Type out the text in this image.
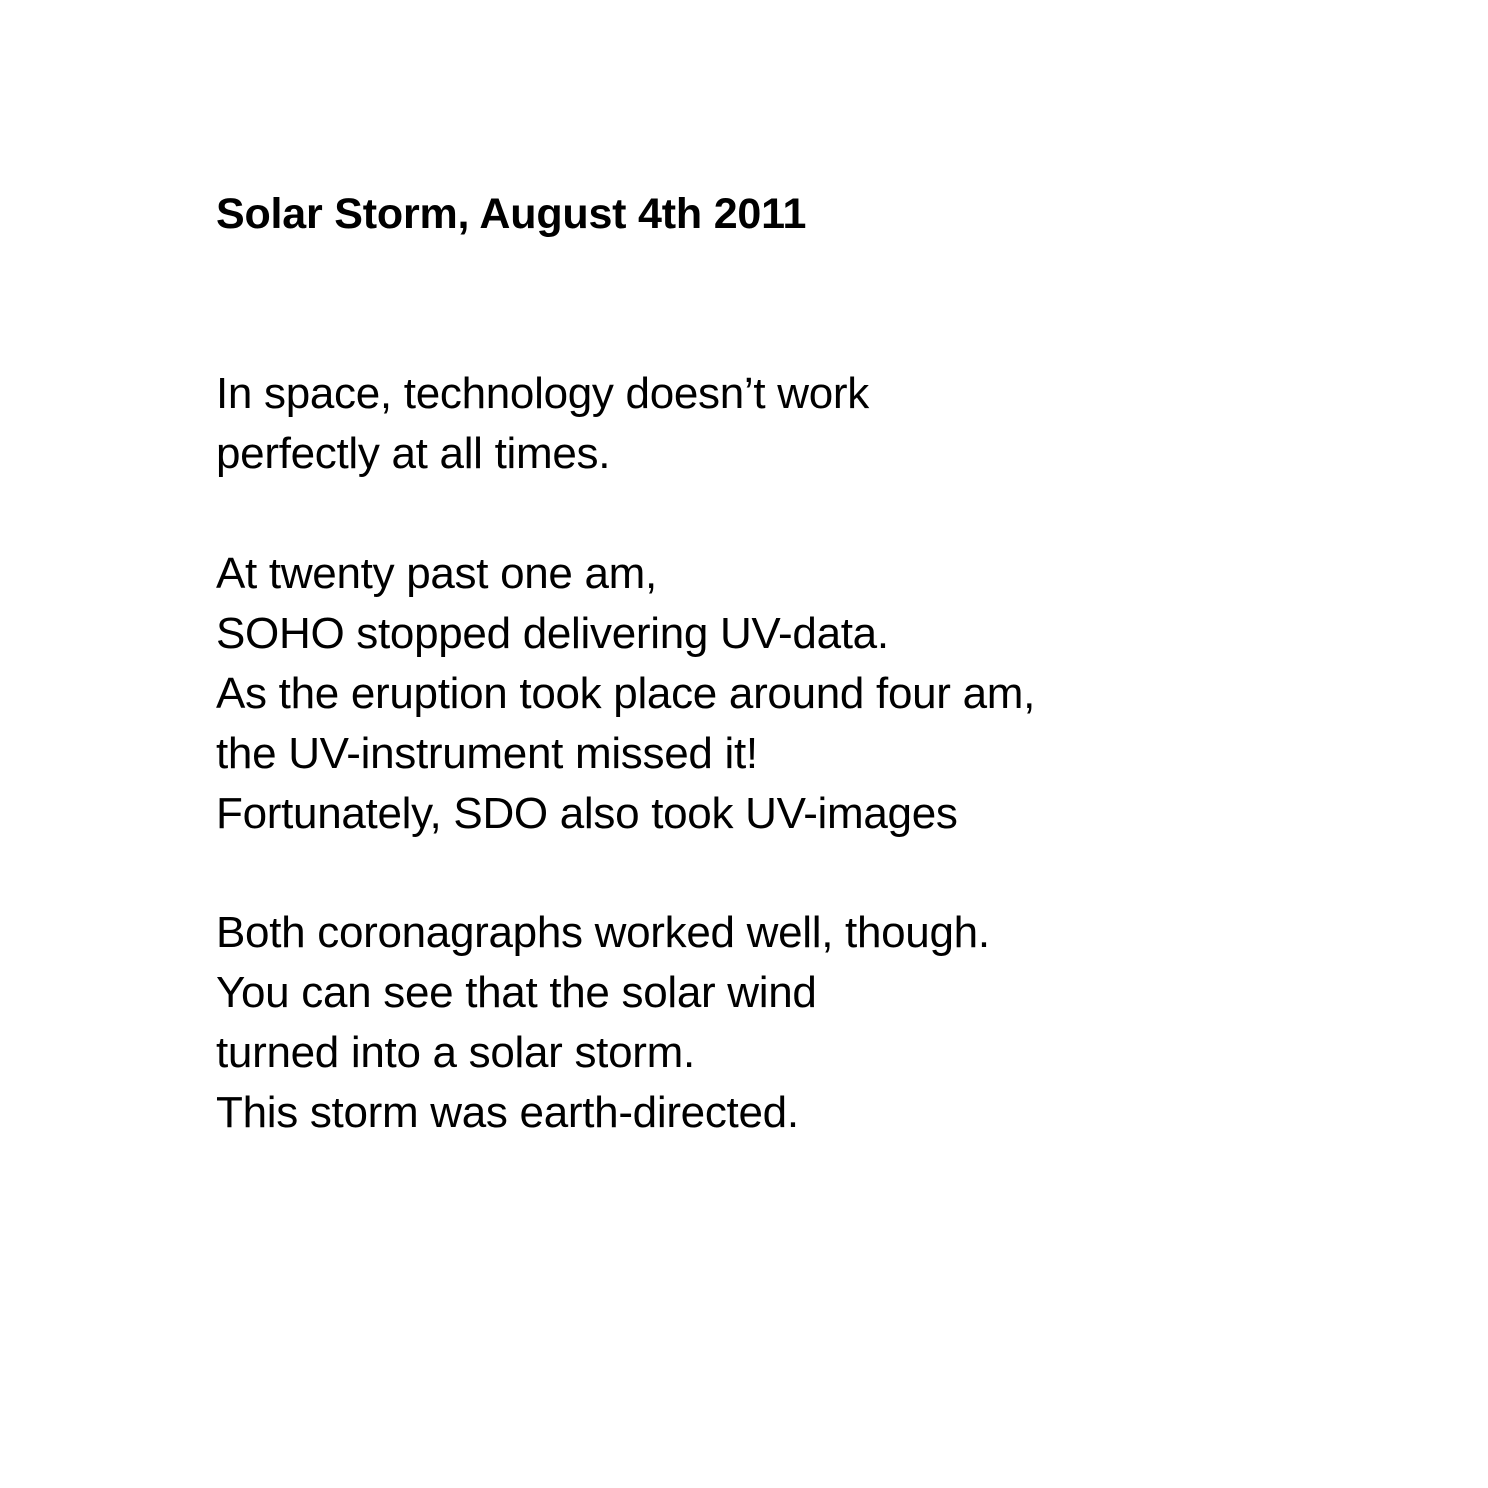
Solar Storm, August 4th 2011

In space, technology doesn’t work
perfectly at all times.

At twenty past one am,
SOHO stopped delivering UV-data.
As the eruption took place around four am,
the UV-instrument missed it!
Fortunately, SDO also took UV-images

Both coronagraphs worked well, though.
You can see that the solar wind
turned into a solar storm.
This storm was earth-directed.
